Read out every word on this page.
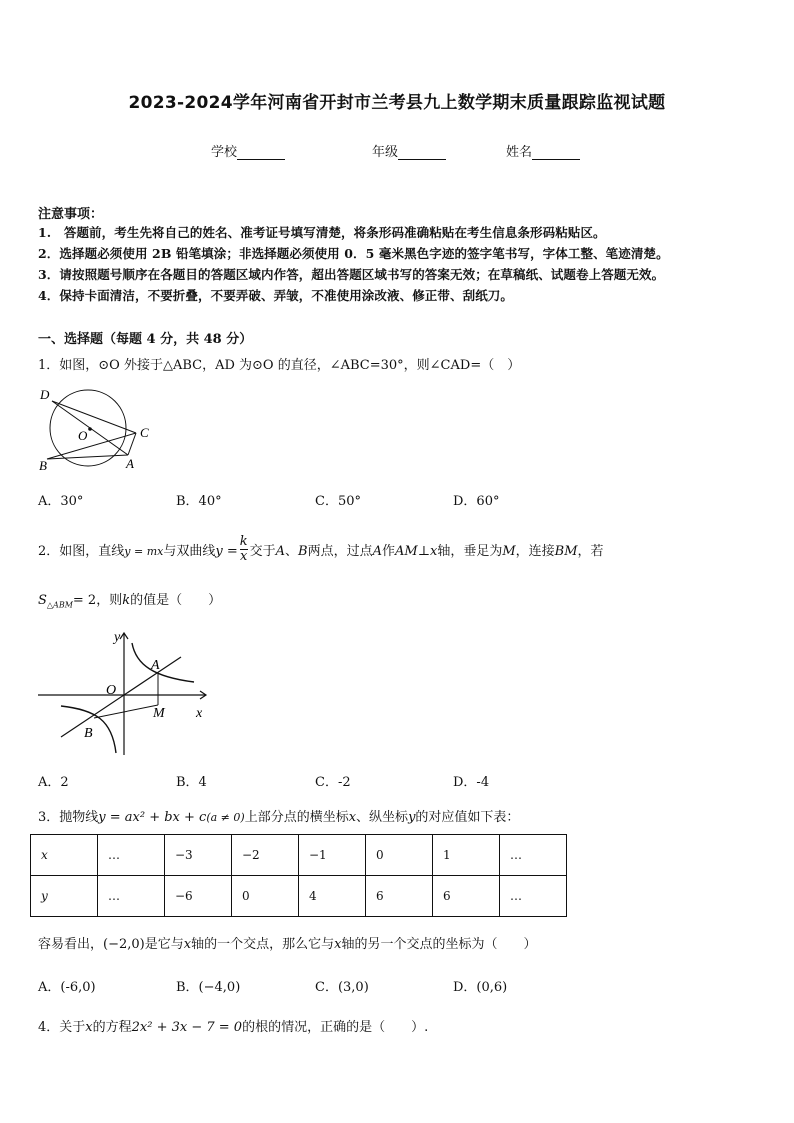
2023-2024学年河南省开封市兰考县九上数学期末质量跟踪监视试题
学校	年级	姓名
注意事项：
1.　答题前，考生先将自己的姓名、准考证号填写清楚，将条形码准确粘贴在考生信息条形码粘贴区。
2．选择题必须使用 2B 铅笔填涂；非选择题必须使用 0．5 毫米黑色字迹的签字笔书写，字体工整、笔迹清楚。
3．请按照题号顺序在各题目的答题区域内作答，超出答题区域书写的答案无效；在草稿纸、试题卷上答题无效。
4．保持卡面清洁，不要折叠，不要弄破、弄皱，不准使用涂改液、修正带、刮纸刀。
一、选择题（每题 4 分，共 48 分）
1．如图，⊙O 外接于△ABC，AD 为⊙O 的直径，∠ABC=30°，则∠CAD=（　）
D
O	C
B	A
A．30°	B．40°	C．50°	D．60°
2．如图，直线y = mx与双曲线$y = \frac{k}{x}$ 交于A、B两点，过点A作AM⊥x轴，垂足为M，连接BM，若
$S_{\triangle ABM}= 2$，则k的值是（　　）
y
O
A
M x
B
A．2	B．4	C．-2	D．-4
3．抛物线y = ax² + bx + c(a ≠ 0)上部分点的横坐标x、纵坐标y的对应值如下表：
x	…	−3	−2	−1	0	1	…
y	…	−6	0	4	6	6	…
容易看出，(−2,0)是它与x轴的一个交点，那么它与x轴的另一个交点的坐标为（　　）
A．(-6,0)	B．(−4,0)	C．(3,0)	D．(0,6)
4．关于x的方程2x² + 3x − 7 = 0的根的情况，正确的是（　　）.
